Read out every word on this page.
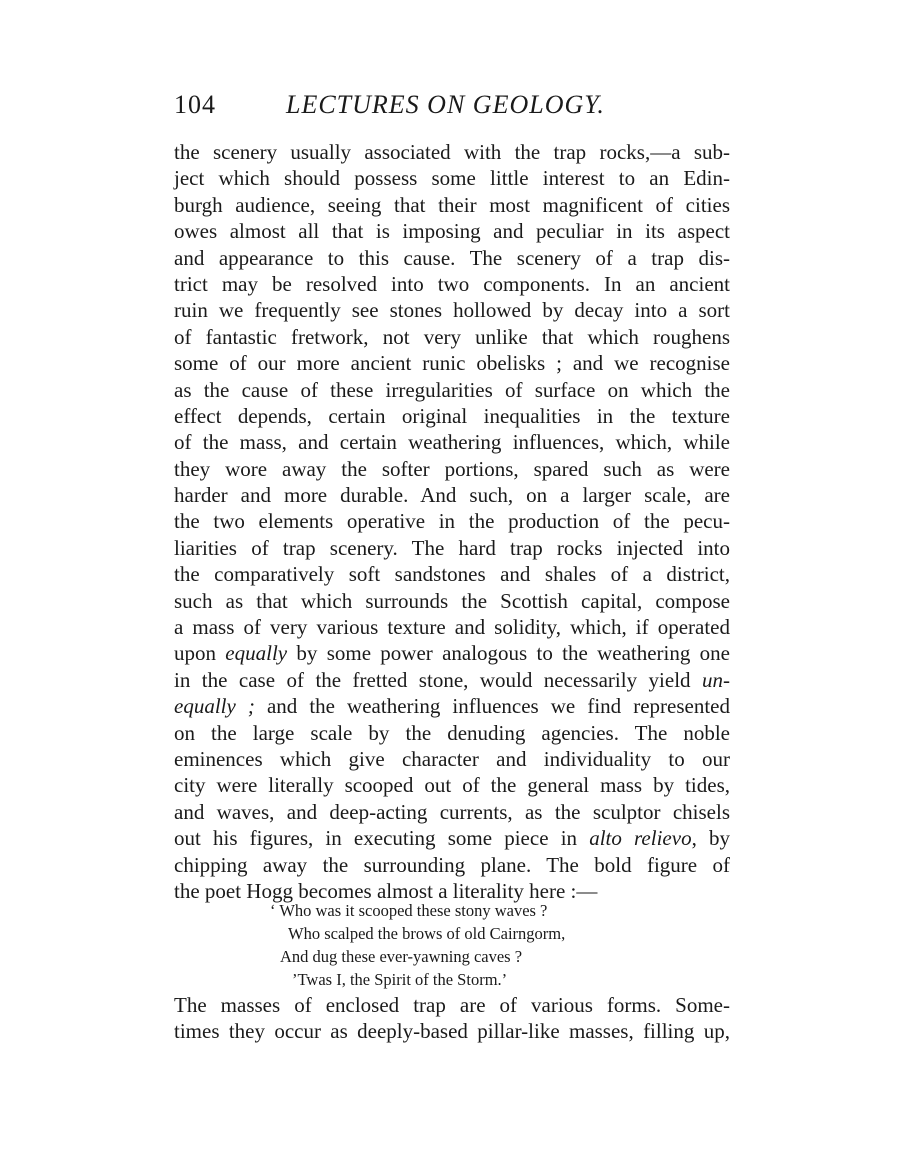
104	LECTURES ON GEOLOGY.
the scenery usually associated with the trap rocks,—a sub-
ject which should possess some little interest to an Edin-
burgh audience, seeing that their most magnificent of cities
owes almost all that is imposing and peculiar in its aspect
and appearance to this cause. The scenery of a trap dis-
trict may be resolved into two components. In an ancient
ruin we frequently see stones hollowed by decay into a sort
of fantastic fretwork, not very unlike that which roughens
some of our more ancient runic obelisks ; and we recognise
as the cause of these irregularities of surface on which the
effect depends, certain original inequalities in the texture
of the mass, and certain weathering influences, which, while
they wore away the softer portions, spared such as were
harder and more durable. And such, on a larger scale, are
the two elements operative in the production of the pecu-
liarities of trap scenery. The hard trap rocks injected into
the comparatively soft sandstones and shales of a district,
such as that which surrounds the Scottish capital, compose
a mass of very various texture and solidity, which, if operated
upon equally by some power analogous to the weathering one
in the case of the fretted stone, would necessarily yield un-
equally ; and the weathering influences we find represented
on the large scale by the denuding agencies. The noble
eminences which give character and individuality to our
city were literally scooped out of the general mass by tides,
and waves, and deep-acting currents, as the sculptor chisels
out his figures, in executing some piece in alto relievo, by
chipping away the surrounding plane. The bold figure of
the poet Hogg becomes almost a literality here :—
‘ Who was it scooped these stony waves ?
Who scalped the brows of old Cairngorm,
And dug these ever-yawning caves ?
’Twas I, the Spirit of the Storm.’
The masses of enclosed trap are of various forms. Some-
times they occur as deeply-based pillar-like masses, filling up,
